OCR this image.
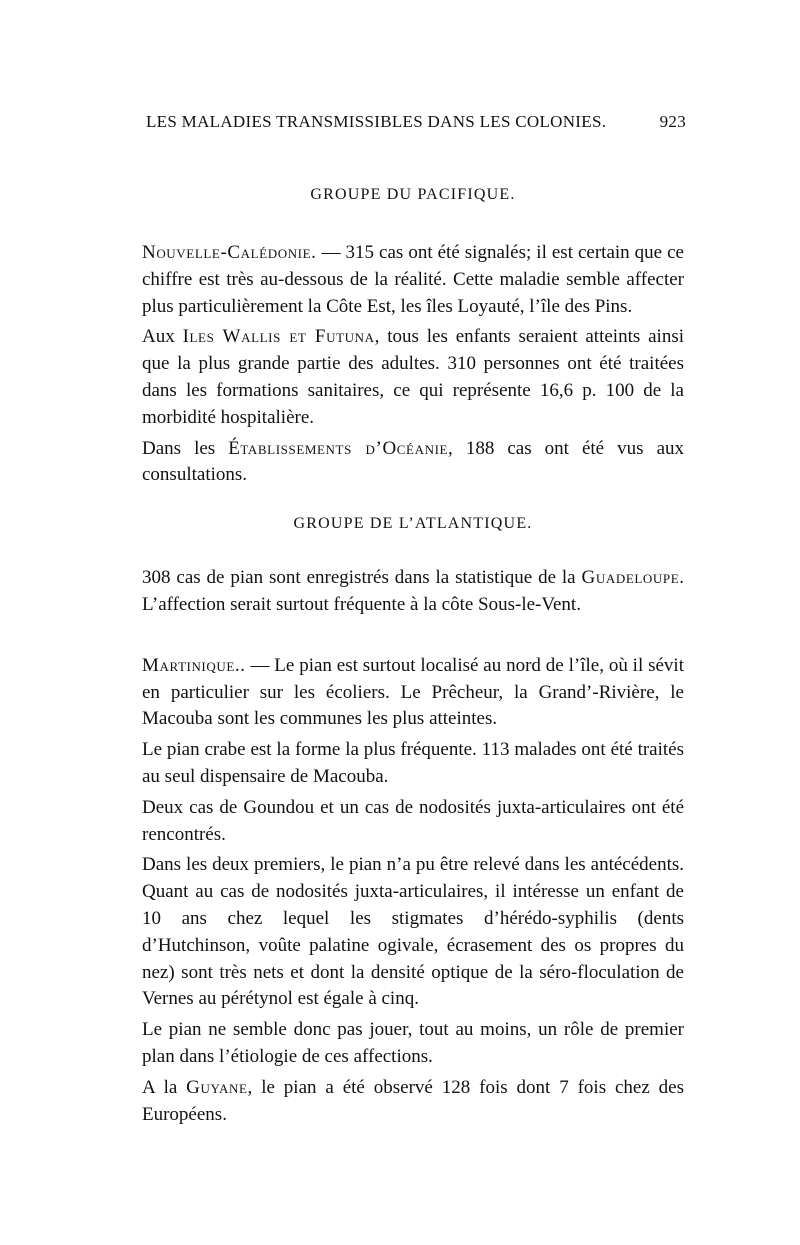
LES MALADIES TRANSMISSIBLES DANS LES COLONIES.	923
GROUPE DU PACIFIQUE.

Nouvelle-Calédonie. — 315 cas ont été signalés; il est certain que ce chiffre est très au-dessous de la réalité. Cette maladie semble affecter plus particulièrement la Côte Est, les îles Loyauté, l’île des Pins.

Aux Iles Wallis et Futuna, tous les enfants seraient atteints ainsi que la plus grande partie des adultes. 310 personnes ont été traitées dans les formations sanitaires, ce qui représente 16,6 p. 100 de la morbidité hospitalière.

Dans les Établissements d’Océanie, 188 cas ont été vus aux consultations.

GROUPE DE L’ATLANTIQUE.

308 cas de pian sont enregistrés dans la statistique de la Guadeloupe. L’affection serait surtout fréquente à la côte Sous-le-Vent.

Martinique.. — Le pian est surtout localisé au nord de l’île, où il sévit en particulier sur les écoliers. Le Prêcheur, la Grand’-Rivière, le Macouba sont les communes les plus atteintes.

Le pian crabe est la forme la plus fréquente. 113 malades ont été traités au seul dispensaire de Macouba.

Deux cas de Goundou et un cas de nodosités juxta-articulaires ont été rencontrés.

Dans les deux premiers, le pian n’a pu être relevé dans les antécédents. Quant au cas de nodosités juxta-articulaires, il intéresse un enfant de 10 ans chez lequel les stigmates d’hérédo-syphilis (dents d’Hutchinson, voûte palatine ogivale, écrasement des os propres du nez) sont très nets et dont la densité optique de la séro-floculation de Vernes au pérétynol est égale à cinq.

Le pian ne semble donc pas jouer, tout au moins, un rôle de premier plan dans l’étiologie de ces affections.

A la Guyane, le pian a été observé 128 fois dont 7 fois chez des Européens.
